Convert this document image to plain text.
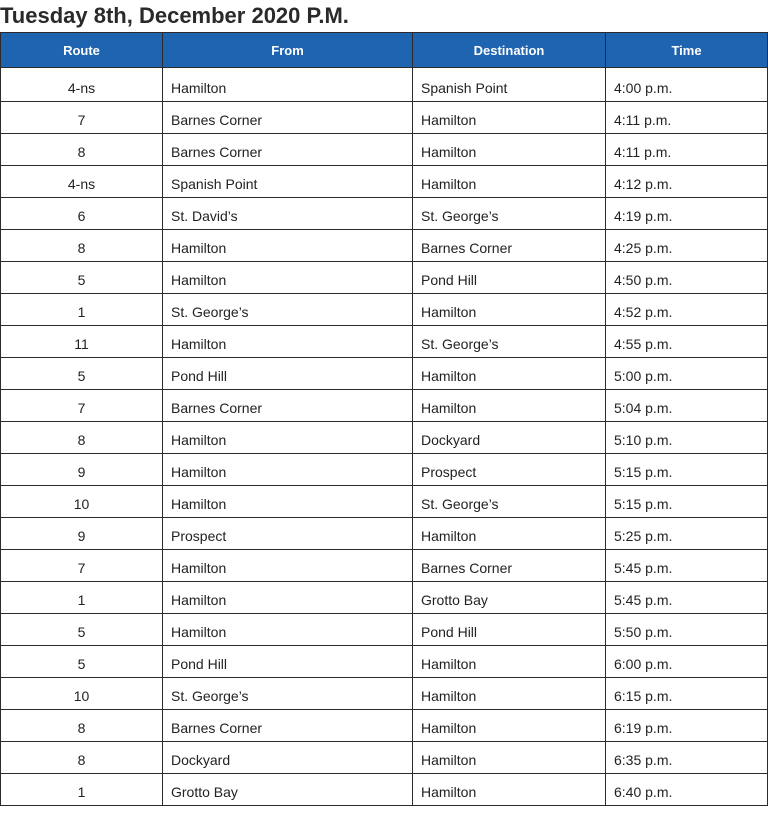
Tuesday 8th, December 2020 P.M.
Route	From	Destination	Time
4-ns	Hamilton	Spanish Point	4:00 p.m.
7	Barnes Corner	Hamilton	4:11 p.m.
8	Barnes Corner	Hamilton	4:11 p.m.
4-ns	Spanish Point	Hamilton	4:12 p.m.
6	St. David’s	St. George’s	4:19 p.m.
8	Hamilton	Barnes Corner	4:25 p.m.
5	Hamilton	Pond Hill	4:50 p.m.
1	St. George’s	Hamilton	4:52 p.m.
11	Hamilton	St. George’s	4:55 p.m.
5	Pond Hill	Hamilton	5:00 p.m.
7	Barnes Corner	Hamilton	5:04 p.m.
8	Hamilton	Dockyard	5:10 p.m.
9	Hamilton	Prospect	5:15 p.m.
10	Hamilton	St. George’s	5:15 p.m.
9	Prospect	Hamilton	5:25 p.m.
7	Hamilton	Barnes Corner	5:45 p.m.
1	Hamilton	Grotto Bay	5:45 p.m.
5	Hamilton	Pond Hill	5:50 p.m.
5	Pond Hill	Hamilton	6:00 p.m.
10	St. George’s	Hamilton	6:15 p.m.
8	Barnes Corner	Hamilton	6:19 p.m.
8	Dockyard	Hamilton	6:35 p.m.
1	Grotto Bay	Hamilton	6:40 p.m.
